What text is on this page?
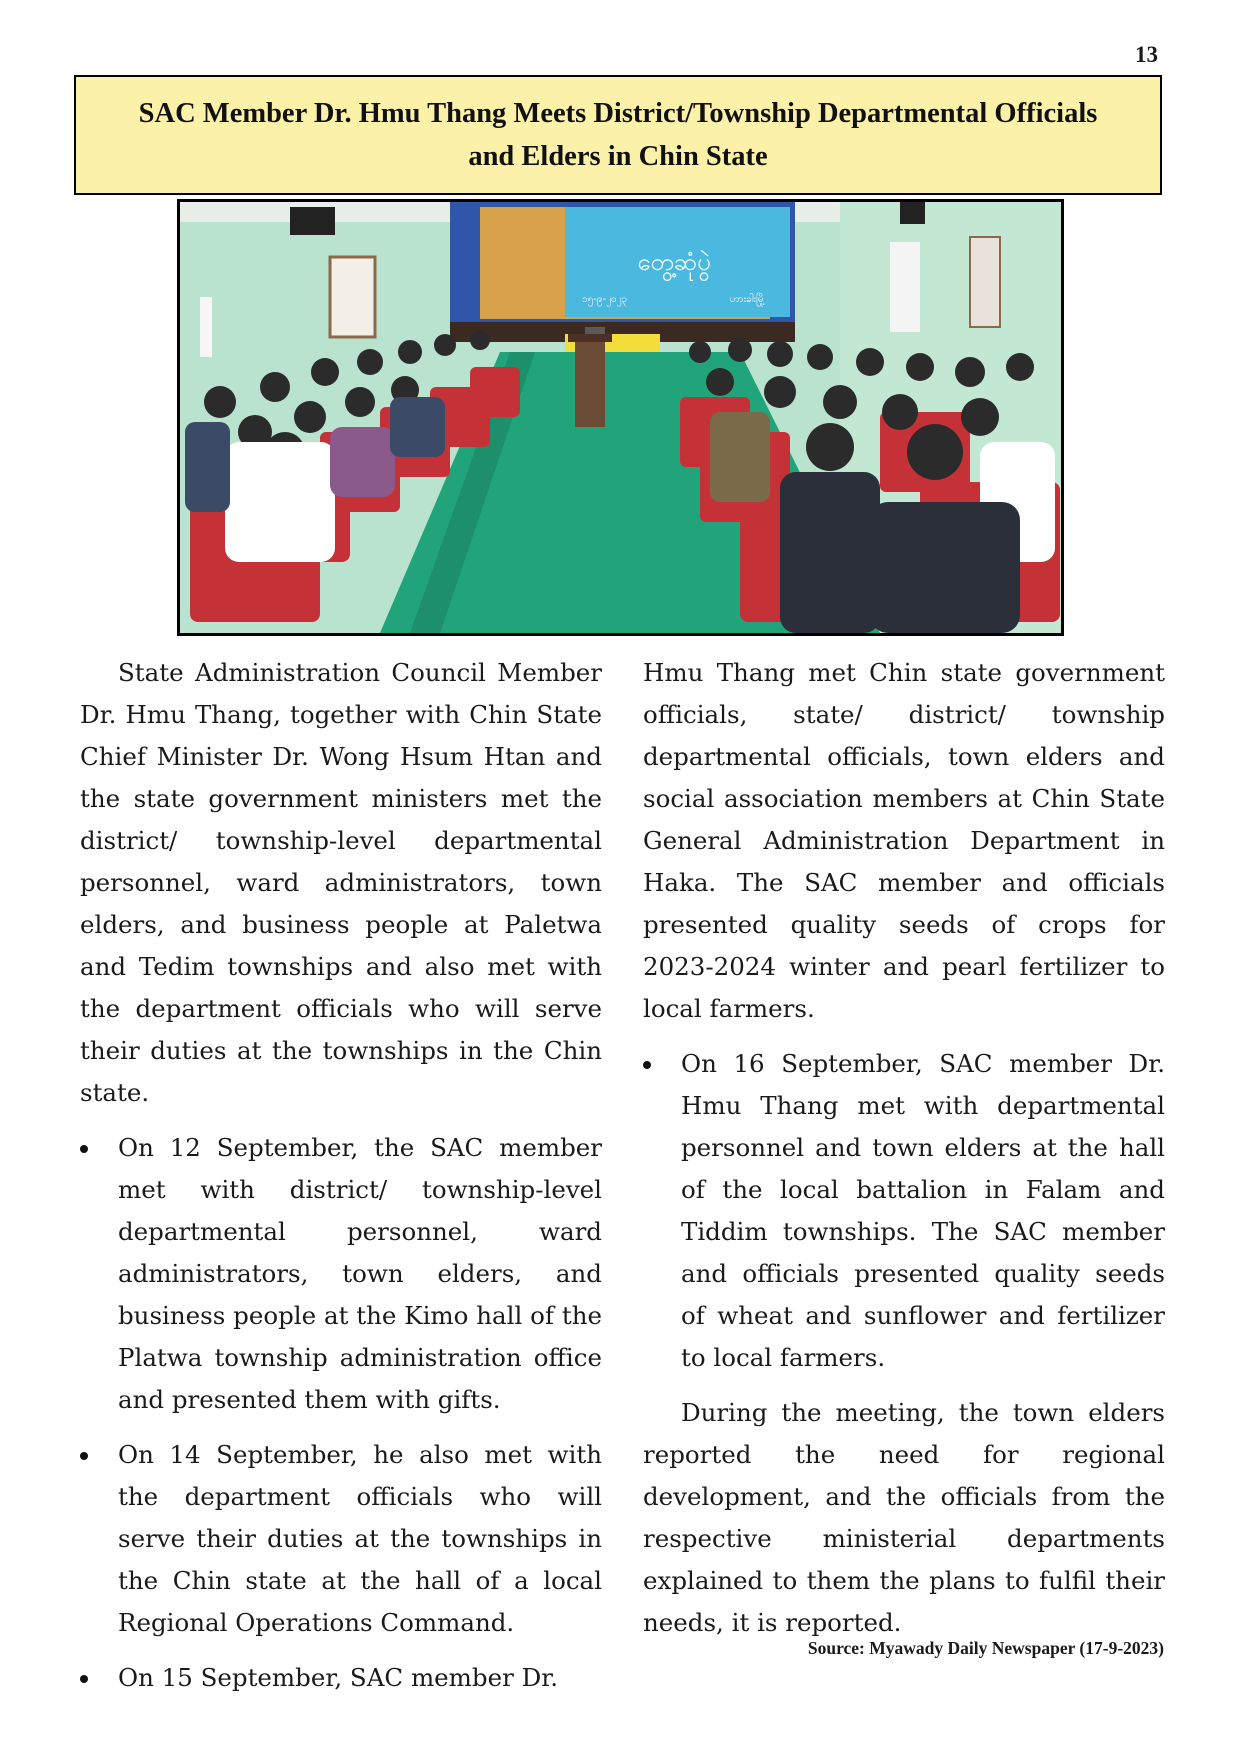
13
SAC Member Dr. Hmu Thang Meets District/Township Departmental Officials
and Elders in Chin State
တွေ့ဆုံပွဲ
၁၅-၉-၂၀၂၃	ဟားခါးမြို့

State Administration Council Member Dr. Hmu Thang, together with Chin State Chief Minister Dr. Wong Hsum Htan and the state government ministers met the district/ township-level departmental personnel, ward administrators, town elders, and business people at Paletwa and Tedim townships and also met with the department officials who will serve their duties at the townships in the Chin state.

On 12 September, the SAC member met with district/ township-level departmental personnel, ward administrators, town elders, and business people at the Kimo hall of the Platwa township administration office and presented them with gifts.
On 14 September, he also met with the department officials who will serve their duties at the townships in the Chin state at the hall of a local Regional Operations Command.
On 15 September, SAC member Dr.

Hmu Thang met Chin state government officials, state/ district/ township departmental officials, town elders and social association members at Chin State General Administration Department in Haka. The SAC member and officials presented quality seeds of crops for 2023-2024 winter and pearl fertilizer to local farmers.

On 16 September, SAC member Dr. Hmu Thang met with departmental personnel and town elders at the hall of the local battalion in Falam and Tiddim townships. The SAC member and officials presented quality seeds of wheat and sunflower and fertilizer to local farmers.

During the meeting, the town elders reported the need for regional development, and the officials from the respective ministerial departments explained to them the plans to fulfil their needs, it is reported.

Source: Myawady Daily Newspaper (17-9-2023)
